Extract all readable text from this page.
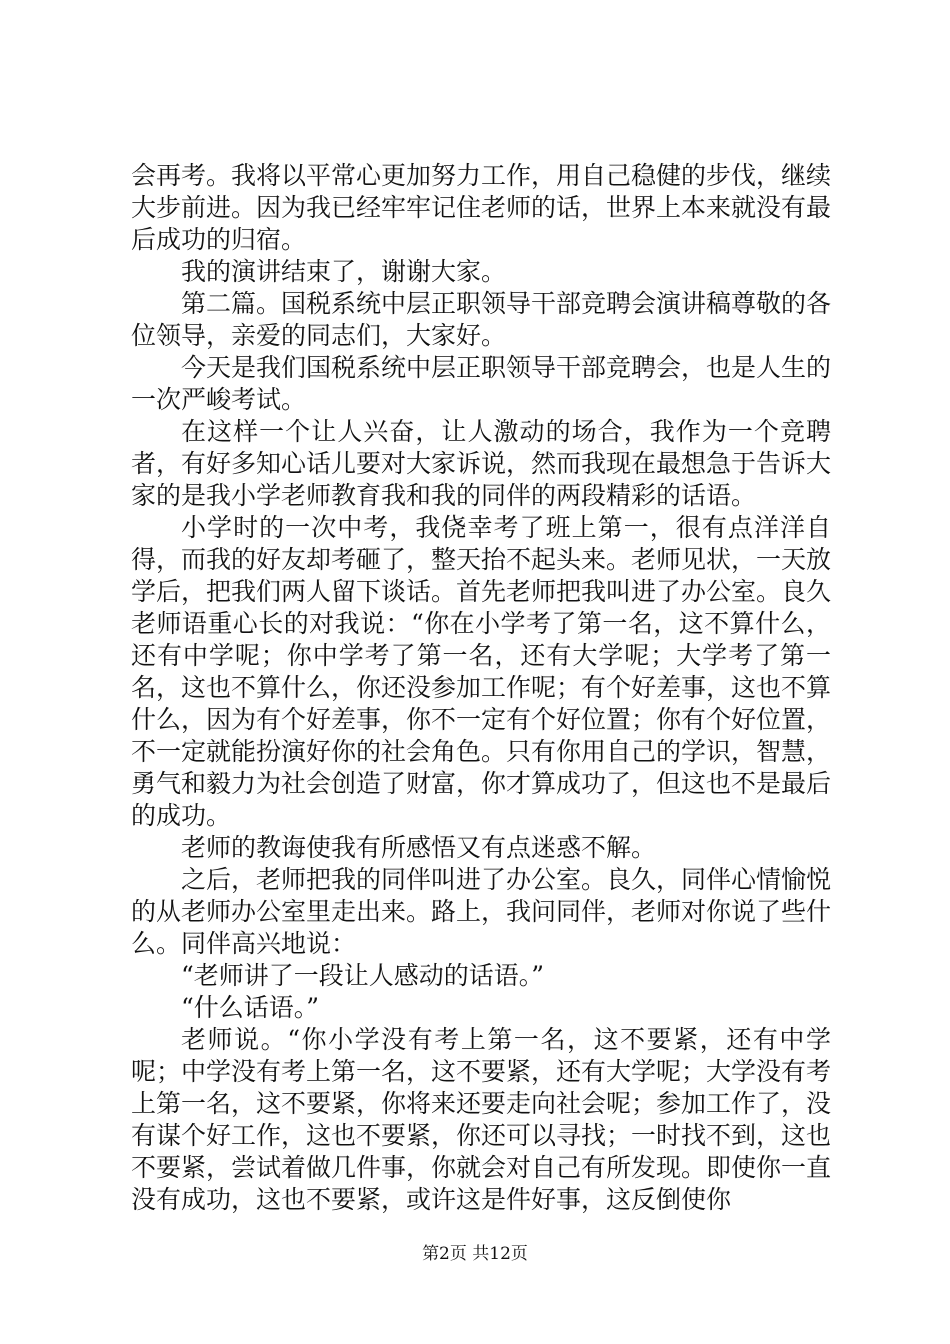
会再考。我将以平常心更加努力工作，用自己稳健的步伐，继续大步前进。因为我已经牢牢记住老师的话，世界上本来就没有最后成功的归宿。

我的演讲结束了，谢谢大家。

第二篇。国税系统中层正职领导干部竞聘会演讲稿尊敬的各位领导，亲爱的同志们，大家好。

今天是我们国税系统中层正职领导干部竞聘会，也是人生的一次严峻考试。

在这样一个让人兴奋，让人激动的场合，我作为一个竞聘者，有好多知心话儿要对大家诉说，然而我现在最想急于告诉大家的是我小学老师教育我和我的同伴的两段精彩的话语。

小学时的一次中考，我侥幸考了班上第一，很有点洋洋自得，而我的好友却考砸了，整天抬不起头来。老师见状，一天放学后，把我们两人留下谈话。首先老师把我叫进了办公室。良久老师语重心长的对我说：“你在小学考了第一名，这不算什么，还有中学呢；你中学考了第一名，还有大学呢；大学考了第一名，这也不算什么，你还没参加工作呢；有个好差事，这也不算什么，因为有个好差事，你不一定有个好位置；你有个好位置，不一定就能扮演好你的社会角色。只有你用自己的学识，智慧，勇气和毅力为社会创造了财富，你才算成功了，但这也不是最后的成功。

老师的教诲使我有所感悟又有点迷惑不解。

之后，老师把我的同伴叫进了办公室。良久，同伴心情愉悦的从老师办公室里走出来。路上，我问同伴，老师对你说了些什么。同伴高兴地说：

“老师讲了一段让人感动的话语。”

“什么话语。”

老师说。“你小学没有考上第一名，这不要紧，还有中学呢；中学没有考上第一名，这不要紧，还有大学呢；大学没有考上第一名，这不要紧，你将来还要走向社会呢；参加工作了，没有谋个好工作，这也不要紧，你还可以寻找；一时找不到，这也不要紧，尝试着做几件事，你就会对自己有所发现。即使你一直没有成功，这也不要紧，或许这是件好事，这反倒使你

第2页 共12页
